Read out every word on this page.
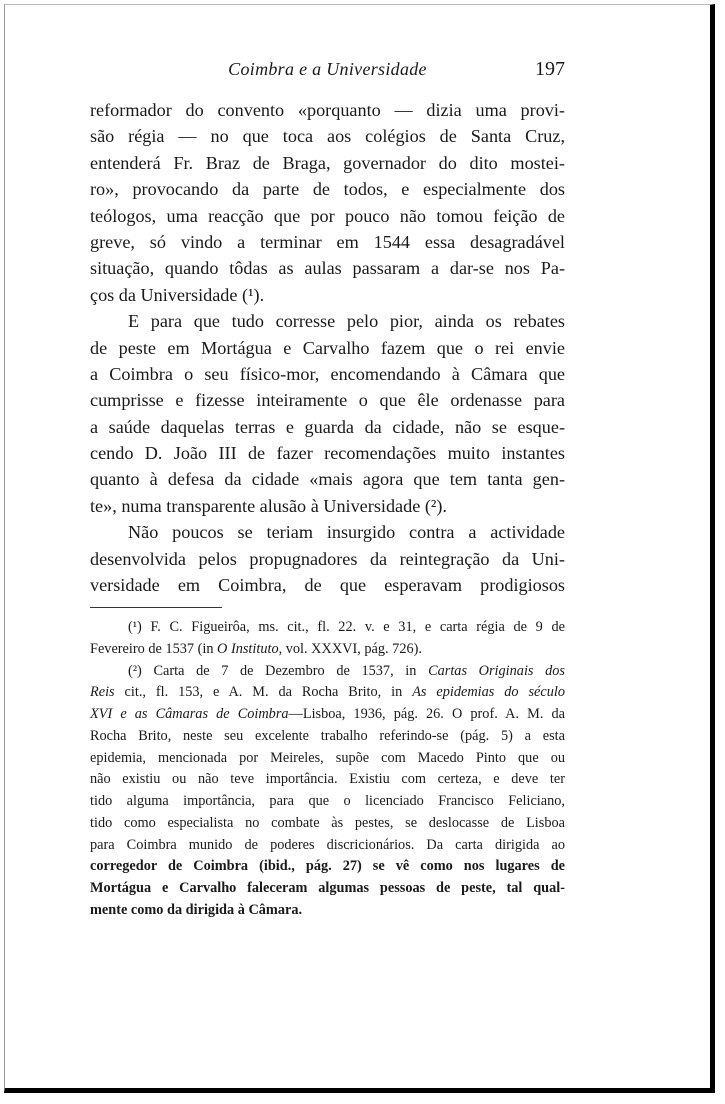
Coimbra e a Universidade	197
reformador do convento «porquanto — dizia uma provi-
são régia — no que toca aos colégios de Santa Cruz,
entenderá Fr. Braz de Braga, governador do dito mostei-
ro», provocando da parte de todos, e especialmente dos
teólogos, uma reacção que por pouco não tomou feição de
greve, só vindo a terminar em 1544 essa desagradável
situação, quando tôdas as aulas passaram a dar-se nos Pa-
ços da Universidade (¹).
E para que tudo corresse pelo pior, ainda os rebates
de peste em Mortágua e Carvalho fazem que o rei envie
a Coimbra o seu físico-mor, encomendando à Câmara que
cumprisse e fizesse inteiramente o que êle ordenasse para
a saúde daquelas terras e guarda da cidade, não se esque-
cendo D. João III de fazer recomendações muito instantes
quanto à defesa da cidade «mais agora que tem tanta gen-
te», numa transparente alusão à Universidade (²).
Não poucos se teriam insurgido contra a actividade
desenvolvida pelos propugnadores da reintegração da Uni-
versidade em Coimbra, de que esperavam prodigiosos
(¹) F. C. Figueirôa, ms. cit., fl. 22. v. e 31, e carta régia de 9 de
Fevereiro de 1537 (in O Instituto, vol. XXXVI, pág. 726).
(²) Carta de 7 de Dezembro de 1537, in Cartas Originais dos
Reis cit., fl. 153, e A. M. da Rocha Brito, in As epidemias do século
XVI e as Câmaras de Coimbra—Lisboa, 1936, pág. 26. O prof. A. M. da
Rocha Brito, neste seu excelente trabalho referindo-se (pág. 5) a esta
epidemia, mencionada por Meireles, supõe com Macedo Pinto que ou
não existiu ou não teve importância. Existiu com certeza, e deve ter
tido alguma importância, para que o licenciado Francisco Feliciano,
tido como especialista no combate às pestes, se deslocasse de Lisboa
para Coimbra munido de poderes discricionários. Da carta dirigida ao
corregedor de Coimbra (ibid., pág. 27) se vê como nos lugares de
Mortágua e Carvalho faleceram algumas pessoas de peste, tal qual-
mente como da dirigida à Câmara.
